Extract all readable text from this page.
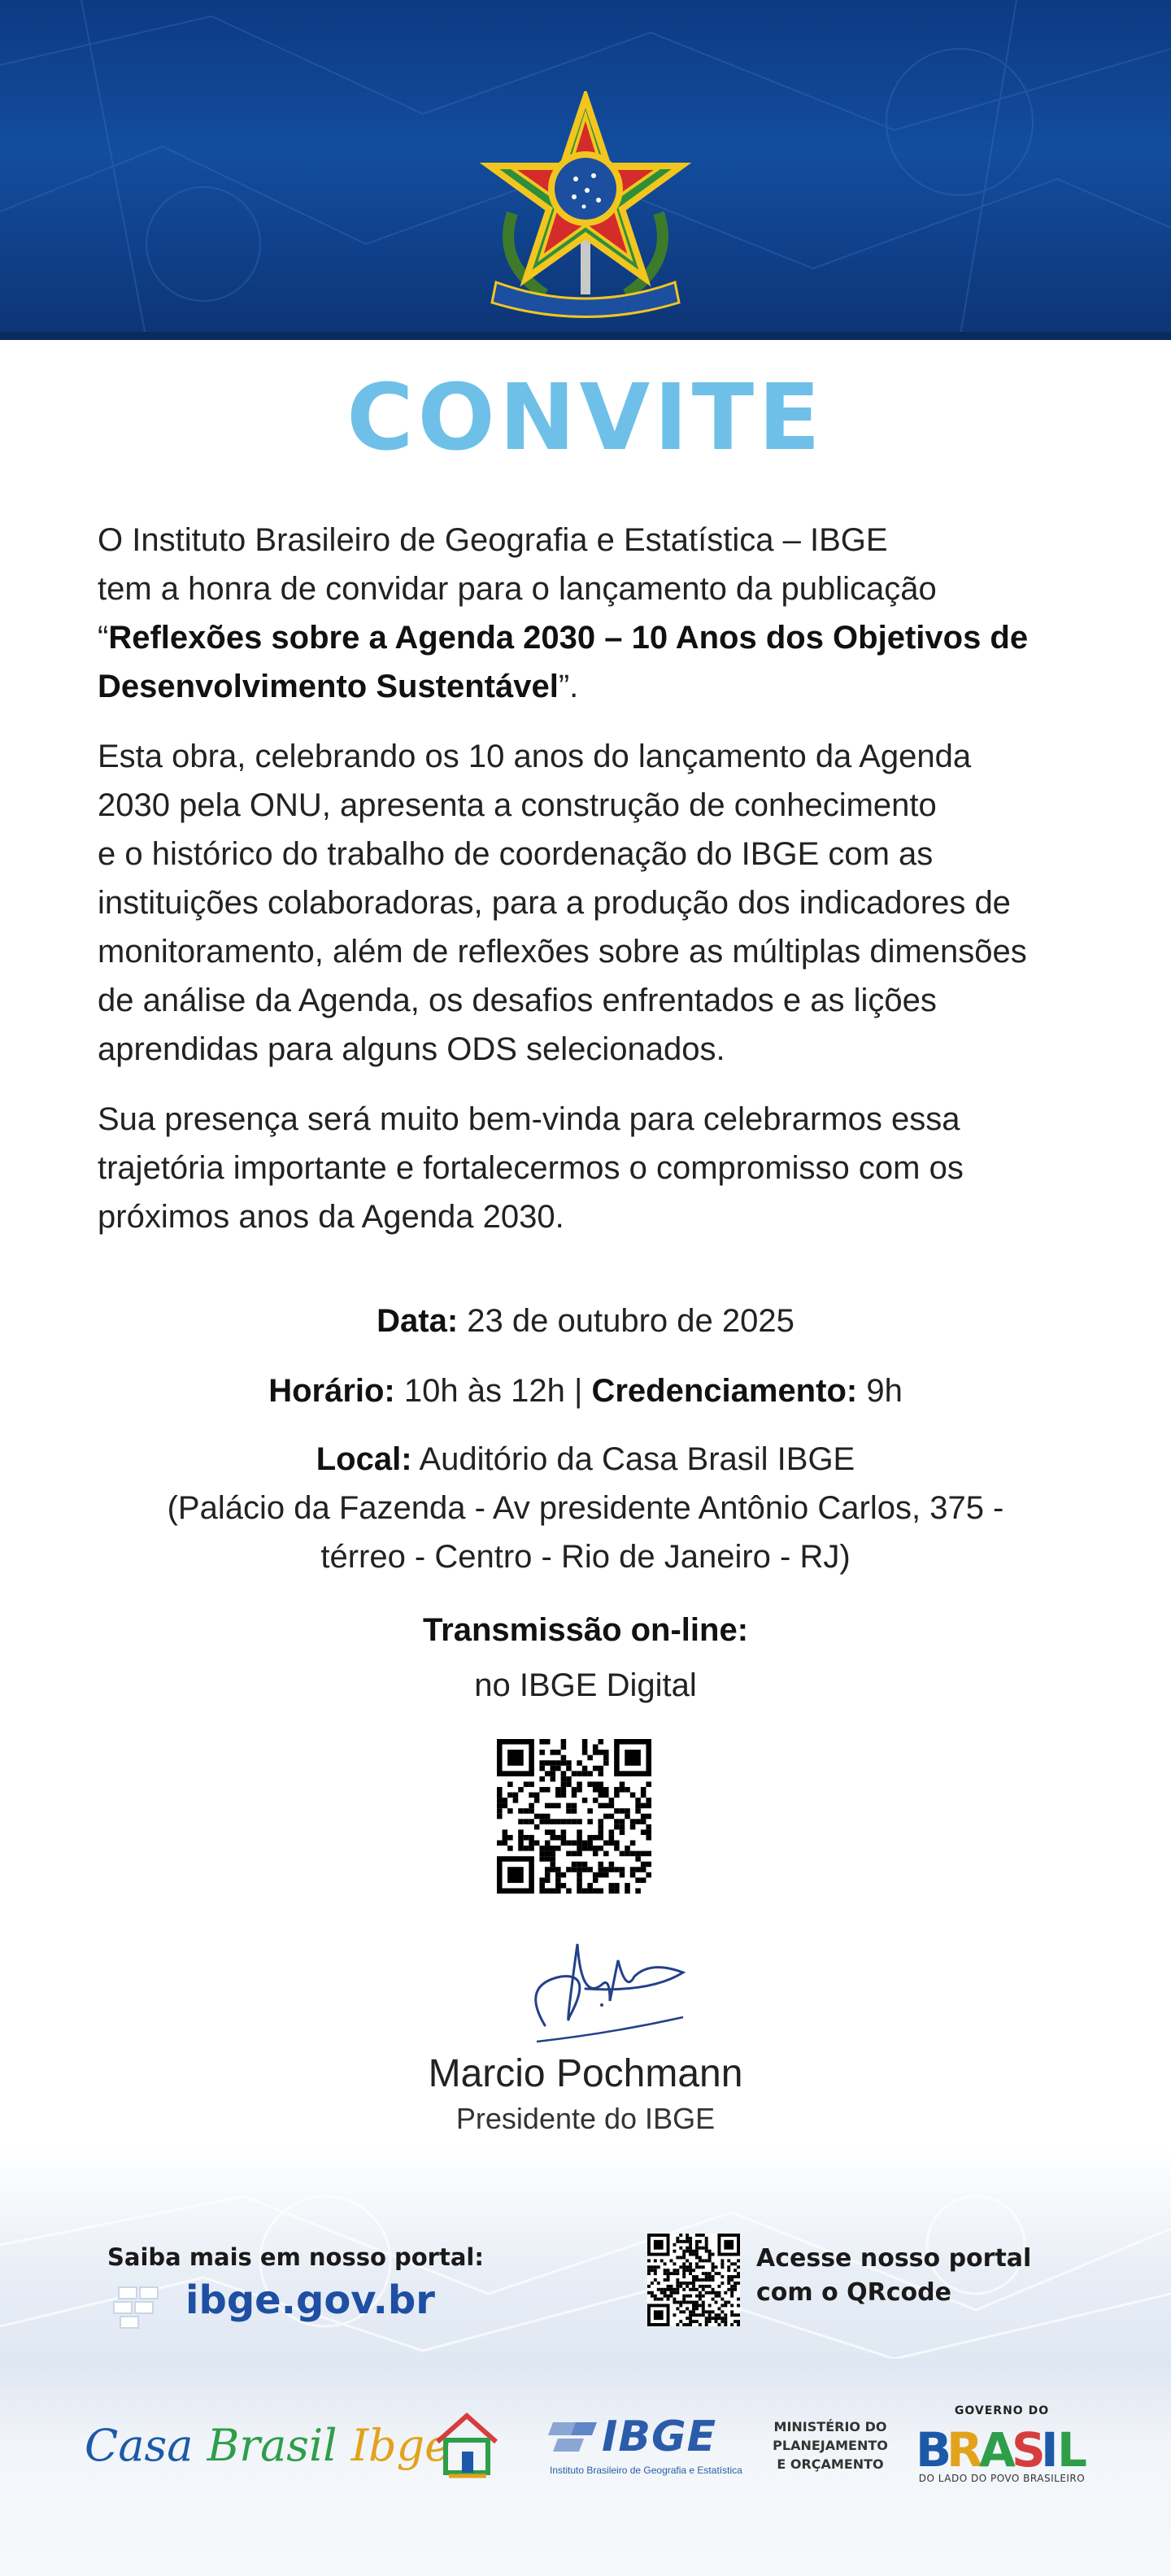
CONVITE
O Instituto Brasileiro de Geografia e Estatística – IBGE
tem a honra de convidar para o lançamento da publicação
“Reflexões sobre a Agenda 2030 – 10 Anos dos Objetivos de Desenvolvimento Sustentável”.
Esta obra, celebrando os 10 anos do lançamento da Agenda
2030 pela ONU, apresenta a construção de conhecimento
e o histórico do trabalho de coordenação do IBGE com as
instituições colaboradoras, para a produção dos indicadores de
monitoramento, além de reflexões sobre as múltiplas dimensões
de análise da Agenda, os desafios enfrentados e as lições
aprendidas para alguns ODS selecionados.
Sua presença será muito bem-vinda para celebrarmos essa
trajetória importante e fortalecermos o compromisso com os
próximos anos da Agenda 2030.
Data: 23 de outubro de 2025
Horário: 10h às 12h | Credenciamento: 9h
Local: Auditório da Casa Brasil IBGE
(Palácio da Fazenda - Av presidente Antônio Carlos, 375 -
térreo - Centro - Rio de Janeiro - RJ)
Transmissão on-line:
no IBGE Digital
Marcio Pochmann
Presidente do IBGE
Saiba mais em nosso portal:
ibge.gov.br
Acesse nosso portal
com o QRcode
Casa Brasil Ibge	IBGE
Instituto Brasileiro de Geografia e Estatística
MINISTÉRIO DO
PLANEJAMENTO
E ORÇAMENTO
GOVERNO DO
B
R
A
S
I
L
DO LADO DO POVO BRASILEIRO
